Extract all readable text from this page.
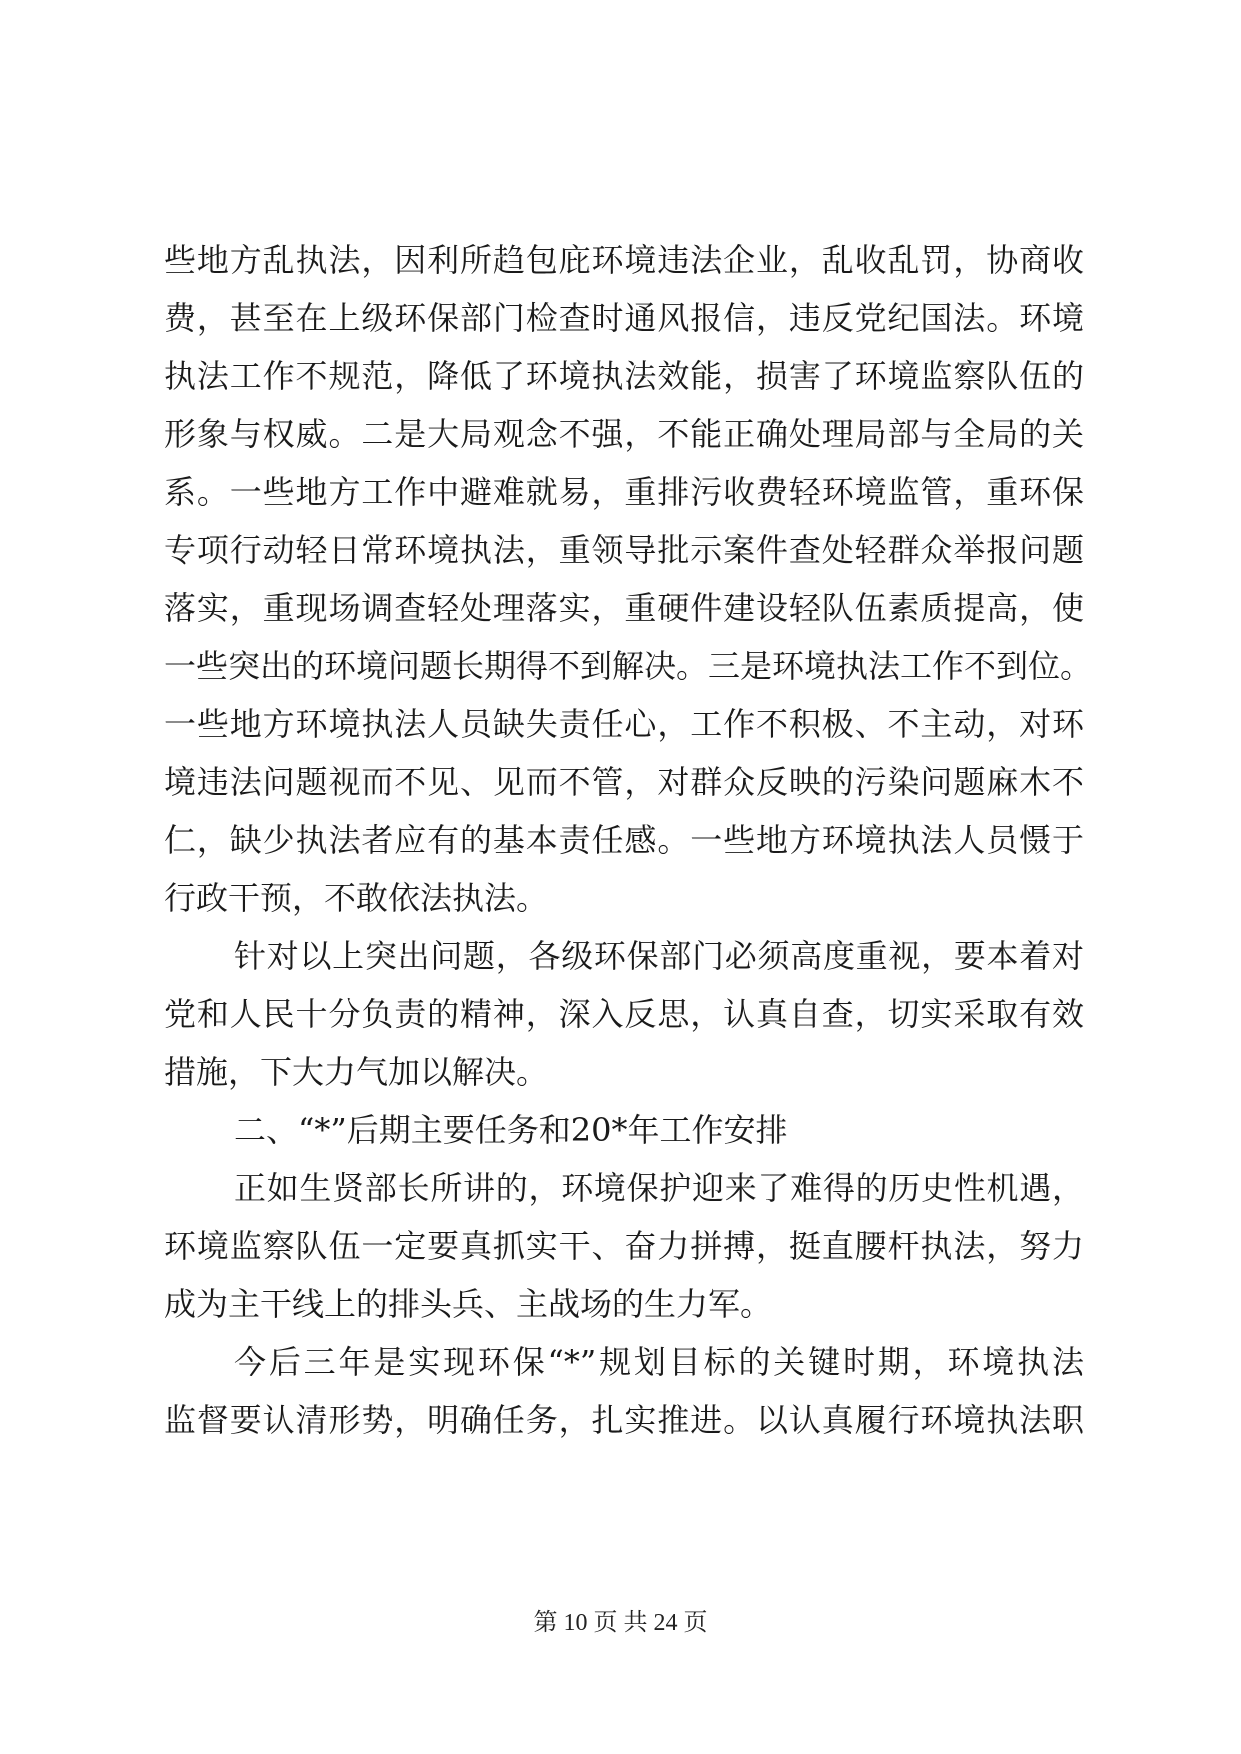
些地方乱执法，因利所趋包庇环境违法企业，乱收乱罚，协商收
费，甚至在上级环保部门检查时通风报信，违反党纪国法。环境
执法工作不规范，降低了环境执法效能，损害了环境监察队伍的
形象与权威。二是大局观念不强，不能正确处理局部与全局的关
系。一些地方工作中避难就易，重排污收费轻环境监管，重环保
专项行动轻日常环境执法，重领导批示案件查处轻群众举报问题
落实，重现场调查轻处理落实，重硬件建设轻队伍素质提高，使
一些突出的环境问题长期得不到解决。三是环境执法工作不到位。
一些地方环境执法人员缺失责任心，工作不积极、不主动，对环
境违法问题视而不见、见而不管，对群众反映的污染问题麻木不
仁，缺少执法者应有的基本责任感。一些地方环境执法人员慑于
行政干预，不敢依法执法。
针对以上突出问题，各级环保部门必须高度重视，要本着对
党和人民十分负责的精神，深入反思，认真自查，切实采取有效
措施，下大力气加以解决。
二、“*”后期主要任务和20*年工作安排
正如生贤部长所讲的，环境保护迎来了难得的历史性机遇，
环境监察队伍一定要真抓实干、奋力拼搏，挺直腰杆执法，努力
成为主干线上的排头兵、主战场的生力军。
今后三年是实现环保“*”规划目标的关键时期，环境执法
监督要认清形势，明确任务，扎实推进。以认真履行环境执法职
第 10 页 共 24 页
